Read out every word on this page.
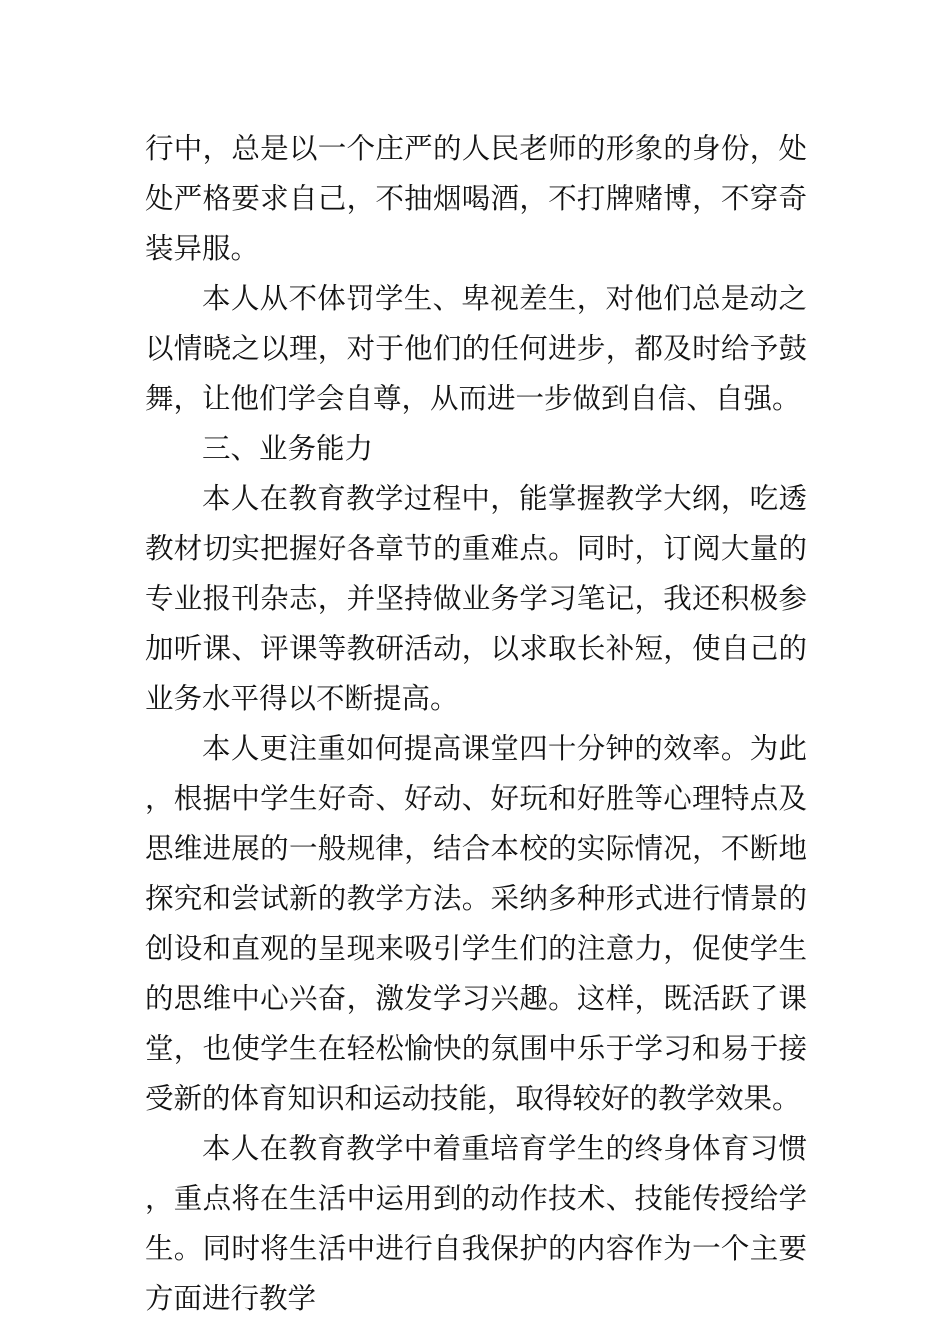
行中，总是以一个庄严的人民老师的形象的身份，处处严格要求自己，不抽烟喝酒，不打牌赌博，不穿奇装异服。

本人从不体罚学生、卑视差生，对他们总是动之以情晓之以理，对于他们的任何进步，都及时给予鼓舞，让他们学会自尊，从而进一步做到自信、自强。

三、业务能力

本人在教育教学过程中，能掌握教学大纲，吃透教材切实把握好各章节的重难点。同时，订阅大量的专业报刊杂志，并坚持做业务学习笔记，我还积极参加听课、评课等教研活动，以求取长补短，使自己的业务水平得以不断提高。

本人更注重如何提高课堂四十分钟的效率。为此，根据中学生好奇、好动、好玩和好胜等心理特点及思维进展的一般规律，结合本校的实际情况，不断地探究和尝试新的教学方法。采纳多种形式进行情景的创设和直观的呈现来吸引学生们的注意力，促使学生的思维中心兴奋，激发学习兴趣。这样，既活跃了课堂，也使学生在轻松愉快的氛围中乐于学习和易于接受新的体育知识和运动技能，取得较好的教学效果。

本人在教育教学中着重培育学生的终身体育习惯，重点将在生活中运用到的动作技术、技能传授给学生。同时将生活中进行自我保护的内容作为一个主要方面进行教学
